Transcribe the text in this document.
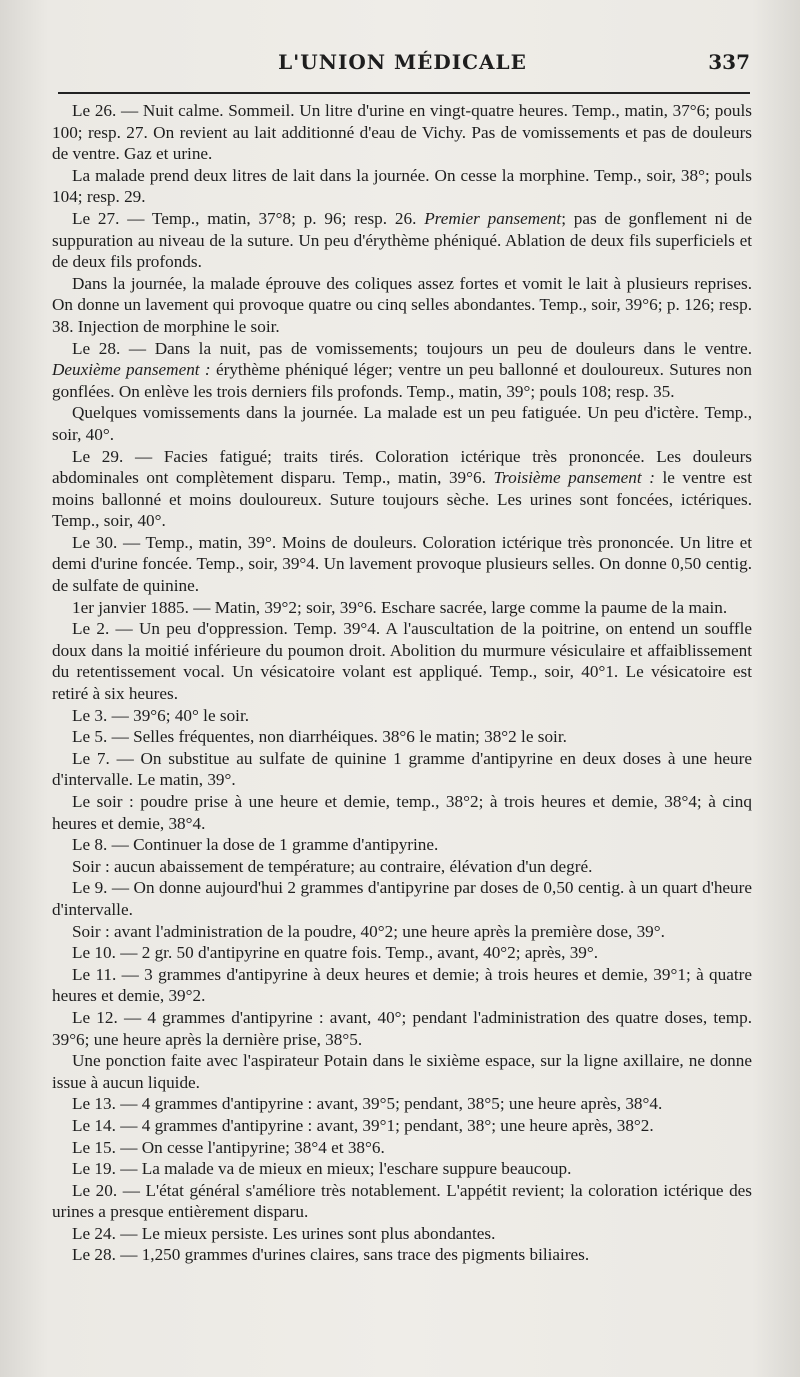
L'UNION MÉDICALE	337

Le 26. — Nuit calme. Sommeil. Un litre d'urine en vingt-quatre heures. Temp., matin, 37°6; pouls 100; resp. 27. On revient au lait additionné d'eau de Vichy. Pas de vomissements et pas de douleurs de ventre. Gaz et urine.

La malade prend deux litres de lait dans la journée. On cesse la morphine. Temp., soir, 38°; pouls 104; resp. 29.

Le 27. — Temp., matin, 37°8; p. 96; resp. 26. Premier pansement; pas de gonflement ni de suppuration au niveau de la suture. Un peu d'érythème phéniqué. Ablation de deux fils superficiels et de deux fils profonds.

Dans la journée, la malade éprouve des coliques assez fortes et vomit le lait à plusieurs reprises. On donne un lavement qui provoque quatre ou cinq selles abondantes. Temp., soir, 39°6; p. 126; resp. 38. Injection de morphine le soir.

Le 28. — Dans la nuit, pas de vomissements; toujours un peu de douleurs dans le ventre. Deuxième pansement : érythème phéniqué léger; ventre un peu ballonné et douloureux. Sutures non gonflées. On enlève les trois derniers fils profonds. Temp., matin, 39°; pouls 108; resp. 35.

Quelques vomissements dans la journée. La malade est un peu fatiguée. Un peu d'ictère. Temp., soir, 40°.

Le 29. — Facies fatigué; traits tirés. Coloration ictérique très prononcée. Les douleurs abdominales ont complètement disparu. Temp., matin, 39°6. Troisième pansement : le ventre est moins ballonné et moins douloureux. Suture toujours sèche. Les urines sont foncées, ictériques. Temp., soir, 40°.

Le 30. — Temp., matin, 39°. Moins de douleurs. Coloration ictérique très prononcée. Un litre et demi d'urine foncée. Temp., soir, 39°4. Un lavement provoque plusieurs selles. On donne 0,50 centig. de sulfate de quinine.

1er janvier 1885. — Matin, 39°2; soir, 39°6. Eschare sacrée, large comme la paume de la main.

Le 2. — Un peu d'oppression. Temp. 39°4. A l'auscultation de la poitrine, on entend un souffle doux dans la moitié inférieure du poumon droit. Abolition du murmure vésiculaire et affaiblissement du retentissement vocal. Un vésicatoire volant est appliqué. Temp., soir, 40°1. Le vésicatoire est retiré à six heures.

Le 3. — 39°6; 40° le soir.

Le 5. — Selles fréquentes, non diarrhéiques. 38°6 le matin; 38°2 le soir.

Le 7. — On substitue au sulfate de quinine 1 gramme d'antipyrine en deux doses à une heure d'intervalle. Le matin, 39°.

Le soir : poudre prise à une heure et demie, temp., 38°2; à trois heures et demie, 38°4; à cinq heures et demie, 38°4.

Le 8. — Continuer la dose de 1 gramme d'antipyrine.

Soir : aucun abaissement de température; au contraire, élévation d'un degré.

Le 9. — On donne aujourd'hui 2 grammes d'antipyrine par doses de 0,50 centig. à un quart d'heure d'intervalle.

Soir : avant l'administration de la poudre, 40°2; une heure après la première dose, 39°.

Le 10. — 2 gr. 50 d'antipyrine en quatre fois. Temp., avant, 40°2; après, 39°.

Le 11. — 3 grammes d'antipyrine à deux heures et demie; à trois heures et demie, 39°1; à quatre heures et demie, 39°2.

Le 12. — 4 grammes d'antipyrine : avant, 40°; pendant l'administration des quatre doses, temp. 39°6; une heure après la dernière prise, 38°5.

Une ponction faite avec l'aspirateur Potain dans le sixième espace, sur la ligne axillaire, ne donne issue à aucun liquide.

Le 13. — 4 grammes d'antipyrine : avant, 39°5; pendant, 38°5; une heure après, 38°4.

Le 14. — 4 grammes d'antipyrine : avant, 39°1; pendant, 38°; une heure après, 38°2.

Le 15. — On cesse l'antipyrine; 38°4 et 38°6.

Le 19. — La malade va de mieux en mieux; l'eschare suppure beaucoup.

Le 20. — L'état général s'améliore très notablement. L'appétit revient; la coloration ictérique des urines a presque entièrement disparu.

Le 24. — Le mieux persiste. Les urines sont plus abondantes.

Le 28. — 1,250 grammes d'urines claires, sans trace des pigments biliaires.
